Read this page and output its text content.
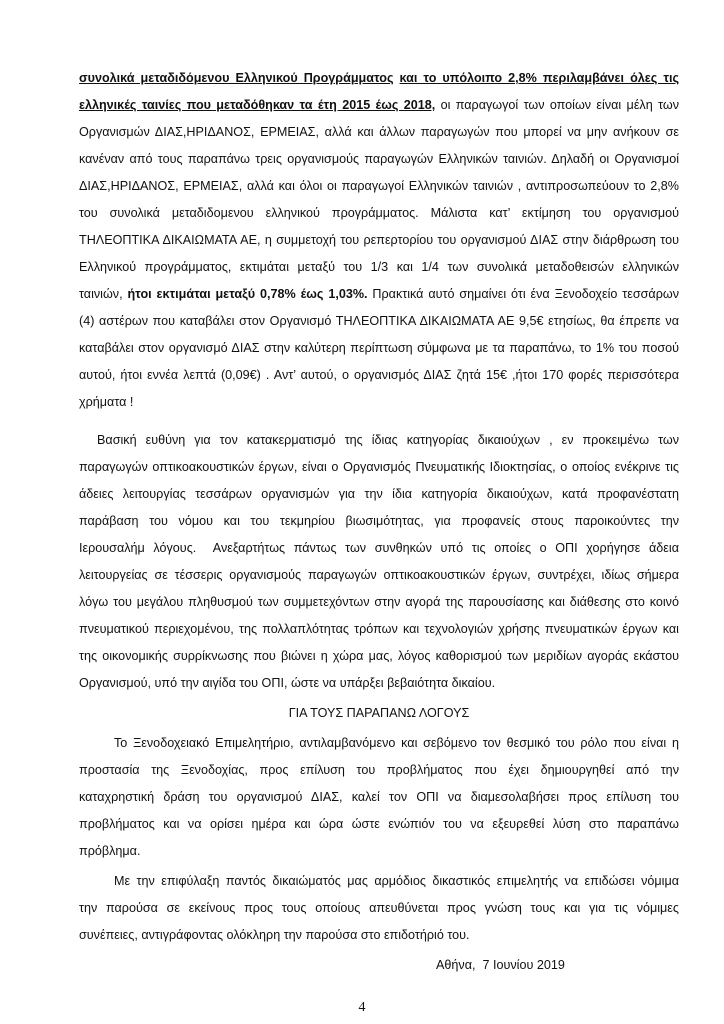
συνολικά μεταδιδόμενου Ελληνικού Προγράμματος και το υπόλοιπο 2,8% περιλαμβάνει όλες τις
ελληνικές ταινίες που μεταδόθηκαν τα έτη 2015 έως 2018, οι παραγωγοί των οποίων είναι μέλη των
Οργανισμών ΔΙΑΣ,ΗΡΙΔΑΝΟΣ, ΕΡΜΕΙΑΣ, αλλά και άλλων παραγωγών που μπορεί να μην ανήκουν σε
κανέναν από τους παραπάνω τρεις οργανισμούς παραγωγών Ελληνικών ταινιών. Δηλαδή οι Οργανισμοί
ΔΙΑΣ,ΗΡΙΔΑΝΟΣ, ΕΡΜΕΙΑΣ, αλλά και όλοι οι παραγωγοί Ελληνικών ταινιών , αντιπροσωπεύουν το 2,8%
του συνολικά μεταδιδομενου ελληνικού προγράμματος. Μάλιστα κατ’ εκτίμηση του οργανισμού
ΤΗΛΕΟΠΤΙΚΑ ΔΙΚΑΙΩΜΑΤΑ ΑΕ, η συμμετοχή του ρεπερτορίου του οργανισμού ΔΙΑΣ στην διάρθρωση του
Ελληνικού προγράμματος, εκτιμάται μεταξύ του 1/3 και 1/4 των συνολικά μεταδοθεισών ελληνικών
ταινιών, ήτοι εκτιμάται μεταξύ 0,78% έως 1,03%. Πρακτικά αυτό σημαίνει ότι ένα Ξενοδοχείο τεσσάρων
(4) αστέρων που καταβάλει στον Οργανισμό ΤΗΛΕΟΠΤΙΚΑ ΔΙΚΑΙΩΜΑΤΑ ΑΕ 9,5€ ετησίως, θα έπρεπε να
καταβάλει στον οργανισμό ΔΙΑΣ στην καλύτερη περίπτωση σύμφωνα με τα παραπάνω, το 1% του ποσού
αυτού, ήτοι εννέα λεπτά (0,09€) . Αντ’ αυτού, ο οργανισμός ΔΙΑΣ ζητά 15€ ,ήτοι 170 φορές περισσότερα
χρήματα !
Βασική ευθύνη για τον κατακερματισμό της ίδιας κατηγορίας δικαιούχων , εν προκειμένω των
παραγωγών οπτικοακουστικών έργων, είναι ο Οργανισμός Πνευματικής Ιδιοκτησίας, ο οποίος ενέκρινε τις
άδειες λειτουργίας τεσσάρων οργανισμών για την ίδια κατηγορία δικαιούχων, κατά προφανέστατη
παράβαση του νόμου και του τεκμηρίου βιωσιμότητας, για προφανείς στους παροικούντες την
Ιερουσαλήμ λόγους.  Ανεξαρτήτως πάντως των συνθηκών υπό τις οποίες ο ΟΠΙ χορήγησε άδεια
λειτουργείας σε τέσσερις οργανισμούς παραγωγών οπτικοακουστικών έργων, συντρέχει, ιδίως σήμερα
λόγω του μεγάλου πληθυσμού των συμμετεχόντων στην αγορά της παρουσίασης και διάθεσης στο κοινό
πνευματικού περιεχομένου, της πολλαπλότητας τρόπων και τεχνολογιών χρήσης πνευματικών έργων και
της οικονομικής συρρίκνωσης που βιώνει η χώρα μας, λόγος καθορισμού των μεριδίων αγοράς εκάστου
Οργανισμού, υπό την αιγίδα του ΟΠΙ, ώστε να υπάρξει βεβαιότητα δικαίου.
ΓΙΑ ΤΟΥΣ ΠΑΡΑΠΑΝΩ ΛΟΓΟΥΣ
Το Ξενοδοχειακό Επιμελητήριο, αντιλαμβανόμενο και σεβόμενο τον θεσμικό του ρόλο που είναι η
προστασία της Ξενοδοχίας, προς επίλυση του προβλήματος που έχει δημιουργηθεί από την
καταχρηστική δράση του οργανισμού ΔΙΑΣ, καλεί τον ΟΠΙ να διαμεσολαβήσει προς επίλυση του
προβλήματος και να ορίσει ημέρα και ώρα ώστε ενώπιόν του να εξευρεθεί λύση στο παραπάνω
πρόβλημα.
Με την επιφύλαξη παντός δικαιώματός μας αρμόδιος δικαστικός επιμελητής να επιδώσει νόμιμα
την παρούσα σε εκείνους προς τους οποίους απευθύνεται προς γνώση τους και για τις νόμιμες
συνέπειες, αντιγράφοντας ολόκληρη την παρούσα στο επιδοτήριό του.
Αθήνα,  7 Ιουνίου 2019
4
